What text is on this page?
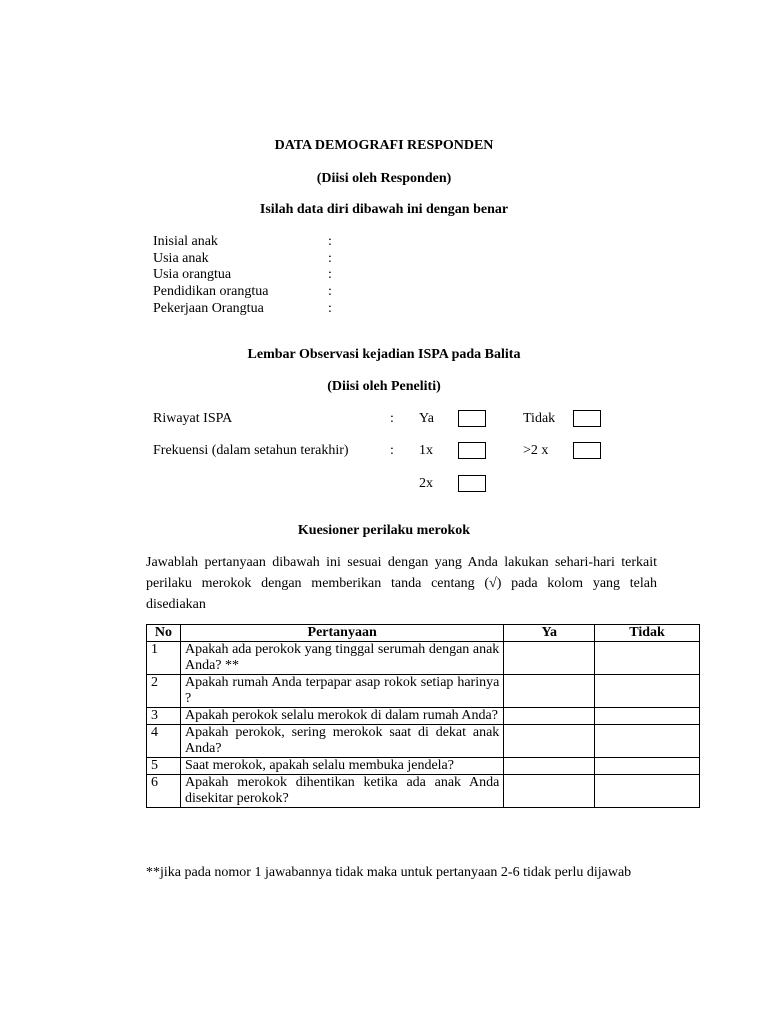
DATA DEMOGRAFI RESPONDEN
(Diisi oleh Responden)
Isilah data diri dibawah ini dengan benar
Inisial anak	:
Usia anak	:
Usia orangtua	:
Pendidikan orangtua	:
Pekerjaan Orangtua	:
Lembar Observasi kejadian ISPA pada Balita
(Diisi oleh Peneliti)
Riwayat ISPA	: Ya	Tidak
Frekuensi (dalam setahun terakhir)	: 1x	>2 x
2x
Kuesioner perilaku merokok
Jawablah pertanyaan dibawah ini sesuai dengan yang Anda lakukan sehari-hari terkait perilaku merokok dengan memberikan tanda centang (√) pada kolom yang telah disediakan
No	Pertanyaan	Ya	Tidak
1	Apakah ada perokok yang tinggal serumah dengan anak Anda? **		
2	Apakah rumah Anda terpapar asap rokok setiap harinya ?		
3	Apakah perokok selalu merokok di dalam rumah Anda?		
4	Apakah perokok, sering merokok saat di dekat anak Anda?		
5	Saat merokok, apakah selalu membuka jendela?		
6	Apakah merokok dihentikan ketika ada anak Anda disekitar perokok?		
**jika pada nomor 1 jawabannya tidak maka untuk pertanyaan 2-6 tidak perlu dijawab
